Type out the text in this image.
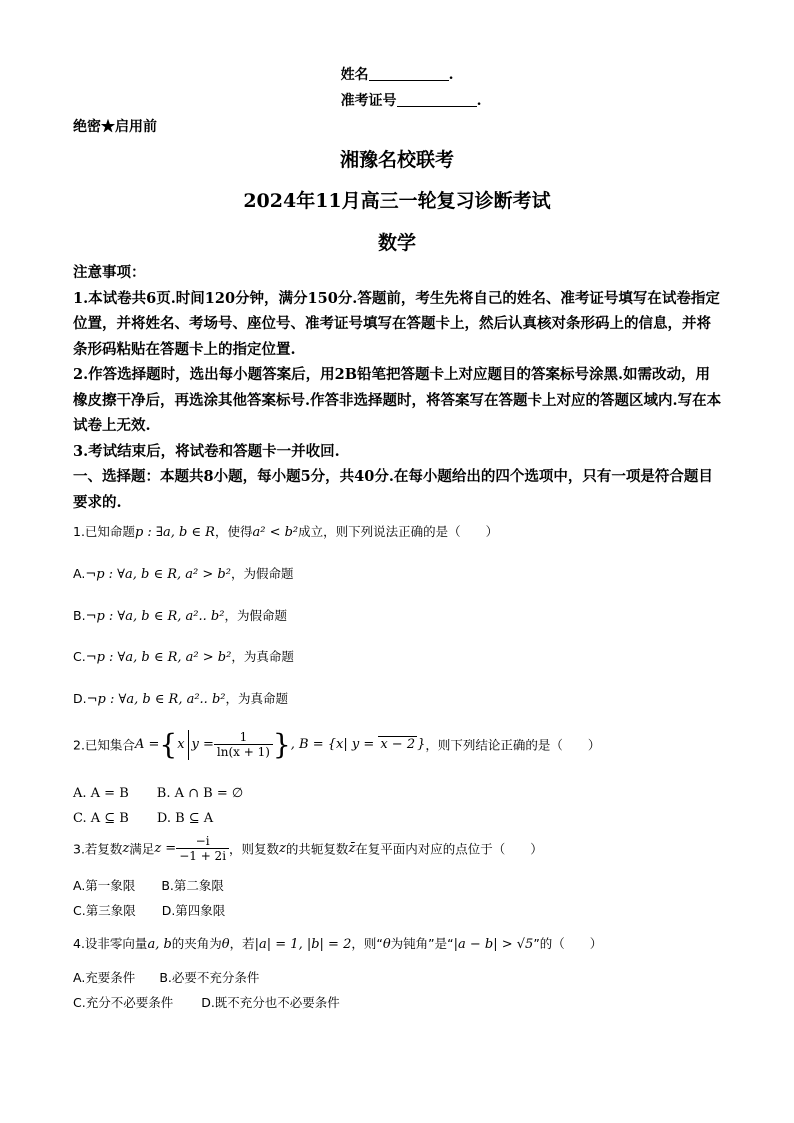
姓名	.
准考证号	.
绝密★启用前
湘豫名校联考
2024年11月高三一轮复习诊断考试
数学
注意事项：
1.本试卷共6页.时间120分钟，满分150分.答题前，考生先将自己的姓名、准考证号填写在试卷指定位置，并将姓名、考场号、座位号、准考证号填写在答题卡上，然后认真核对条形码上的信息，并将条形码粘贴在答题卡上的指定位置.
2.作答选择题时，选出每小题答案后，用2B铅笔把答题卡上对应题目的答案标号涂黑.如需改动，用橡皮擦干净后，再选涂其他答案标号.作答非选择题时，将答案写在答题卡上对应的答题区域内.写在本试卷上无效.
3.考试结束后，将试卷和答题卡一并收回.
一、选择题：本题共8小题，每小题5分，共40分.在每小题给出的四个选项中，只有一项是符合题目要求的.
1.已知命题p : ∃a, b ∈ R，使得a² < b²成立，则下列说法正确的是（　　）
A.¬p : ∀a, b ∈ R, a² > b²，为假命题
B.¬p : ∀a, b ∈ R, a².. b²，为假命题
C.¬p : ∀a, b ∈ R, a² > b²，为真命题
D.¬p : ∀a, b ∈ R, a².. b²，为真命题
2.已知集合A ={x $y = \frac{1}{\ln(x + 1)}$ }, B = {x| y = x − 2 }，则下列结论正确的是（　　）
A. A = B B. A ∩ B = ∅
C. A ⊆ B D. B ⊆ A
3.若复数z满足$z = \frac{-i}{-1 + 2i}$ ，则复数z的共轭复数z̄在复平面内对应的点位于（　　）
A.第一象限 B.第二象限
C.第三象限 D.第四象限
4.设非零向量a, b的夹角为θ，若|a| = 1, |b| = 2，则“θ为钝角”是“|a − b| > √5”的（　　）
A.充要条件 B.必要不充分条件
C.充分不必要条件 D.既不充分也不必要条件
